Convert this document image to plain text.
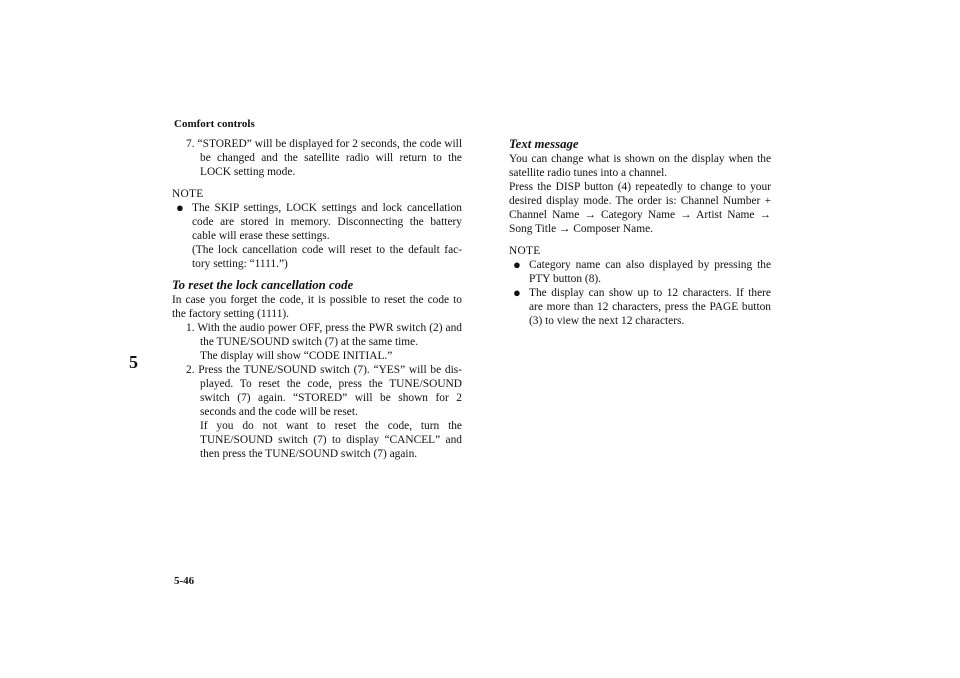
Comfort controls
5
5-46

7. “STORED” will be displayed for 2 seconds, the code will be changed and the satellite radio will return to the LOCK setting mode.

NOTE
● The SKIP settings, LOCK settings and lock cancellation code are stored in memory. Disconnecting the battery cable will erase these settings.

(The lock cancellation code will reset to the default fac-tory setting: “1111.”)

To reset the lock cancellation code

In case you forget the code, it is possible to reset the code to the factory setting (1111).

1. With the audio power OFF, press the PWR switch (2) and the TUNE/SOUND switch (7) at the same time.

The display will show “CODE INITIAL.”

2. Press the TUNE/SOUND switch (7). “YES” will be dis-played. To reset the code, press the TUNE/SOUND switch (7) again. “STORED” will be shown for 2 seconds and the code will be reset.

If you do not want to reset the code, turn the TUNE/SOUND switch (7) to display “CANCEL” and then press the TUNE/SOUND switch (7) again.

Text message

You can change what is shown on the display when the satellite radio tunes into a channel.

Press the DISP button (4) repeatedly to change to your desired display mode. The order is: Channel Number + Channel Name → Category Name → Artist Name → Song Title → Composer Name.

NOTE
● Category name can also displayed by pressing the PTY button (8).

● The display can show up to 12 characters. If there are more than 12 characters, press the PAGE button (3) to view the next 12 characters.
